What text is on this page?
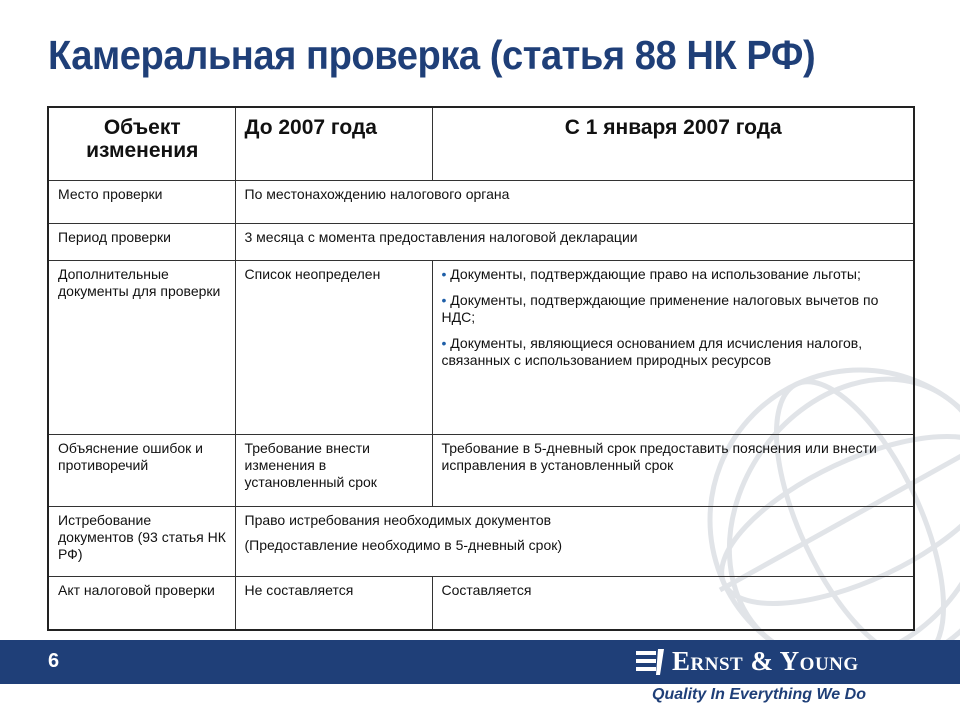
Камеральная проверка (статья 88 НК РФ)
Объект изменения	До 2007 года	С 1 января 2007 года
Место проверки	По местонахождению налогового органа	
Период проверки	3 месяца с момента предоставления налоговой декларации	
Дополнительные документы для проверки	Список неопределен	• Документы, подтверждающие право на использование льготы;
• Документы, подтверждающие применение налоговых вычетов по НДС;
• Документы, являющиеся основанием для исчисления налогов, связанных с использованием природных ресурсов

Объяснение ошибок и противоречий	Требование внести изменения в установленный срок	Требование в 5-дневный срок предоставить пояснения или внести исправления в установленный срок
Истребование документов (93 статья НК РФ)	Право истребования необходимых документов
(Предоставление необходимо в 5-дневный срок)	

Акт налоговой проверки	Не составляется	Составляется
6	Ernst & Young
Quality In Everything We Do
